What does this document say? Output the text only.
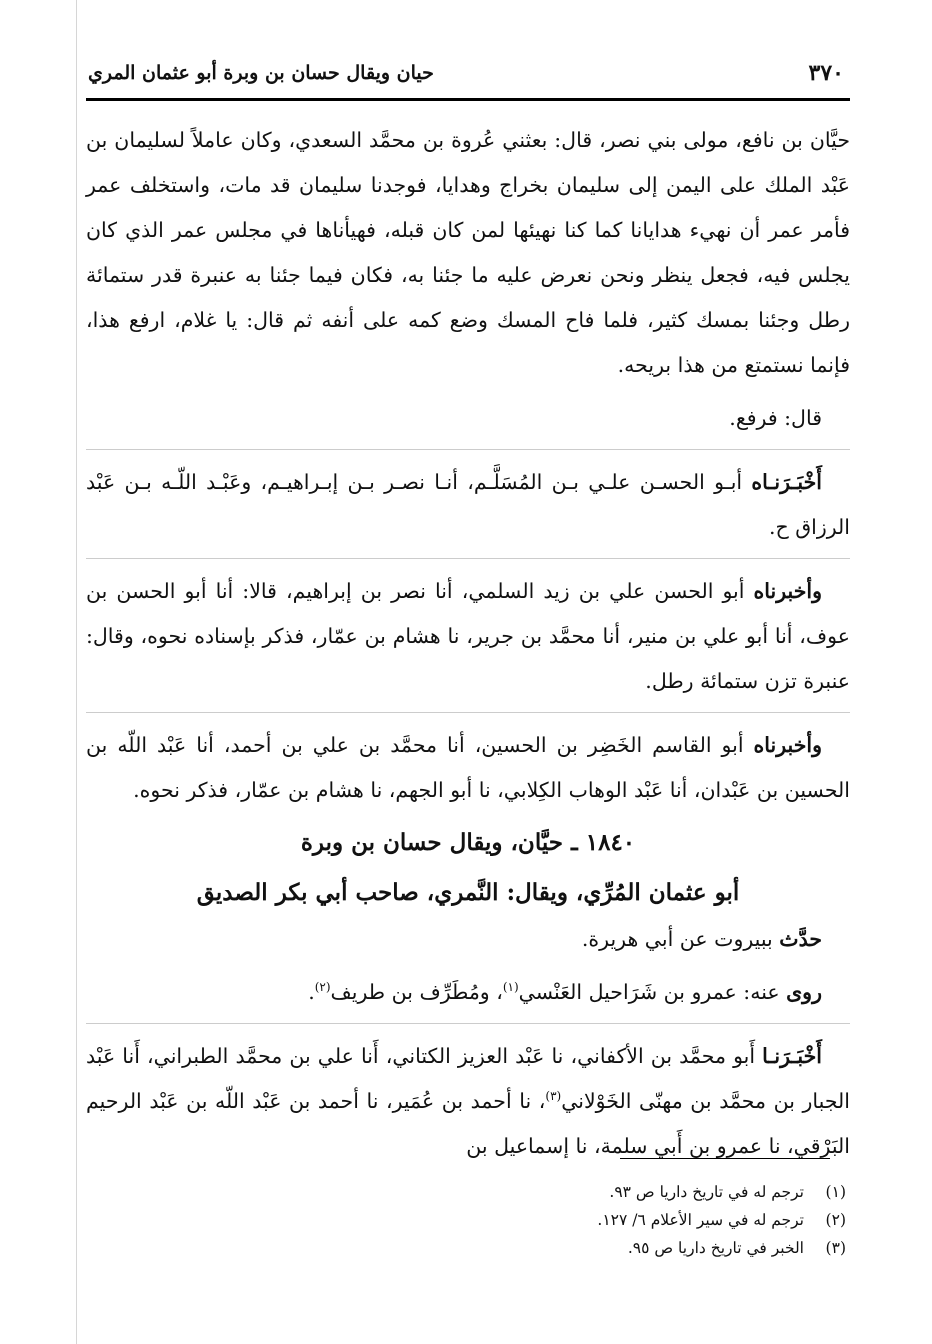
حيان ويقال حسان بن وبرة أبو عثمان المري	٣٧٠

حيَّان بن نافع، مولى بني نصر، قال: بعثني عُروة بن محمَّد السعدي، وكان عاملاً لسليمان بن عَبْد الملك على اليمن إلى سليمان بخراج وهدايا، فوجدنا سليمان قد مات، واستخلف عمر فأمر عمر أن نهيء هدايانا كما كنا نهيئها لمن كان قبله، فهيأناها في مجلس عمر الذي كان يجلس فيه، فجعل ينظر ونحن نعرض عليه ما جئنا به، فكان فيما جئنا به عنبرة قدر ستمائة رطل وجئنا بمسك كثير، فلما فاح المسك وضع كمه على أنفه ثم قال: يا غلام، ارفع هذا، فإنما نستمتع من هذا بريحه.

قال: فرفع.

أَخْبَـرَنـاه أبـو الحسـن علـي بـن المُسَلَّـم، أنـا نصـر بـن إبـراهيـم، وعَبْـد اللّـه بـن عَبْد الرزاق ح.

وأخبرناه أبو الحسن علي بن زيد السلمي، أنا نصر بن إبراهيم، قالا: أنا أبو الحسن بن عوف، أنا أبو علي بن منير، أنا محمَّد بن جرير، نا هشام بن عمّار، فذكر بإسناده نحوه، وقال: عنبرة تزن ستمائة رطل.

وأخبرناه أبو القاسم الخَضِر بن الحسين، أنا محمَّد بن علي بن أحمد، أنا عَبْد اللّه بن الحسين بن عَبْدان، أنا عَبْد الوهاب الكِلابي، نا أبو الجهم، نا هشام بن عمّار، فذكر نحوه.

١٨٤٠ ـ حيَّان، ويقال حسان بن وبرة
أبو عثمان المُرِّي، ويقال: النَّمري، صاحب أبي بكر الصديق

حدَّث ببيروت عن أبي هريرة.

روى عنه: عمرو بن شَرَاحيل العَنْسي$^{(١)}$، ومُطَرِّف بن طريف$^{(٢)}$.

أَخْبَـرَنـا أَبو محمَّد بن الأكفاني، نا عَبْد العزيز الكتاني، أَنا علي بن محمَّد الطبراني، أَنا عَبْد الجبار بن محمَّد بن مهنّى الخَوْلاني$^{(٣)}$، نا أحمد بن عُمَير، نا أحمد بن عَبْد اللّه بن عَبْد الرحيم البَرْقي، نا عمرو بن أَبي سلمة، نا إسماعيل بن

(١)
ترجم له في تاريخ داريا ص ٩٣.
(٢)
ترجم له في سير الأعلام ٦/ ١٢٧.
(٣)
الخبر في تاريخ داريا ص ٩٥.
